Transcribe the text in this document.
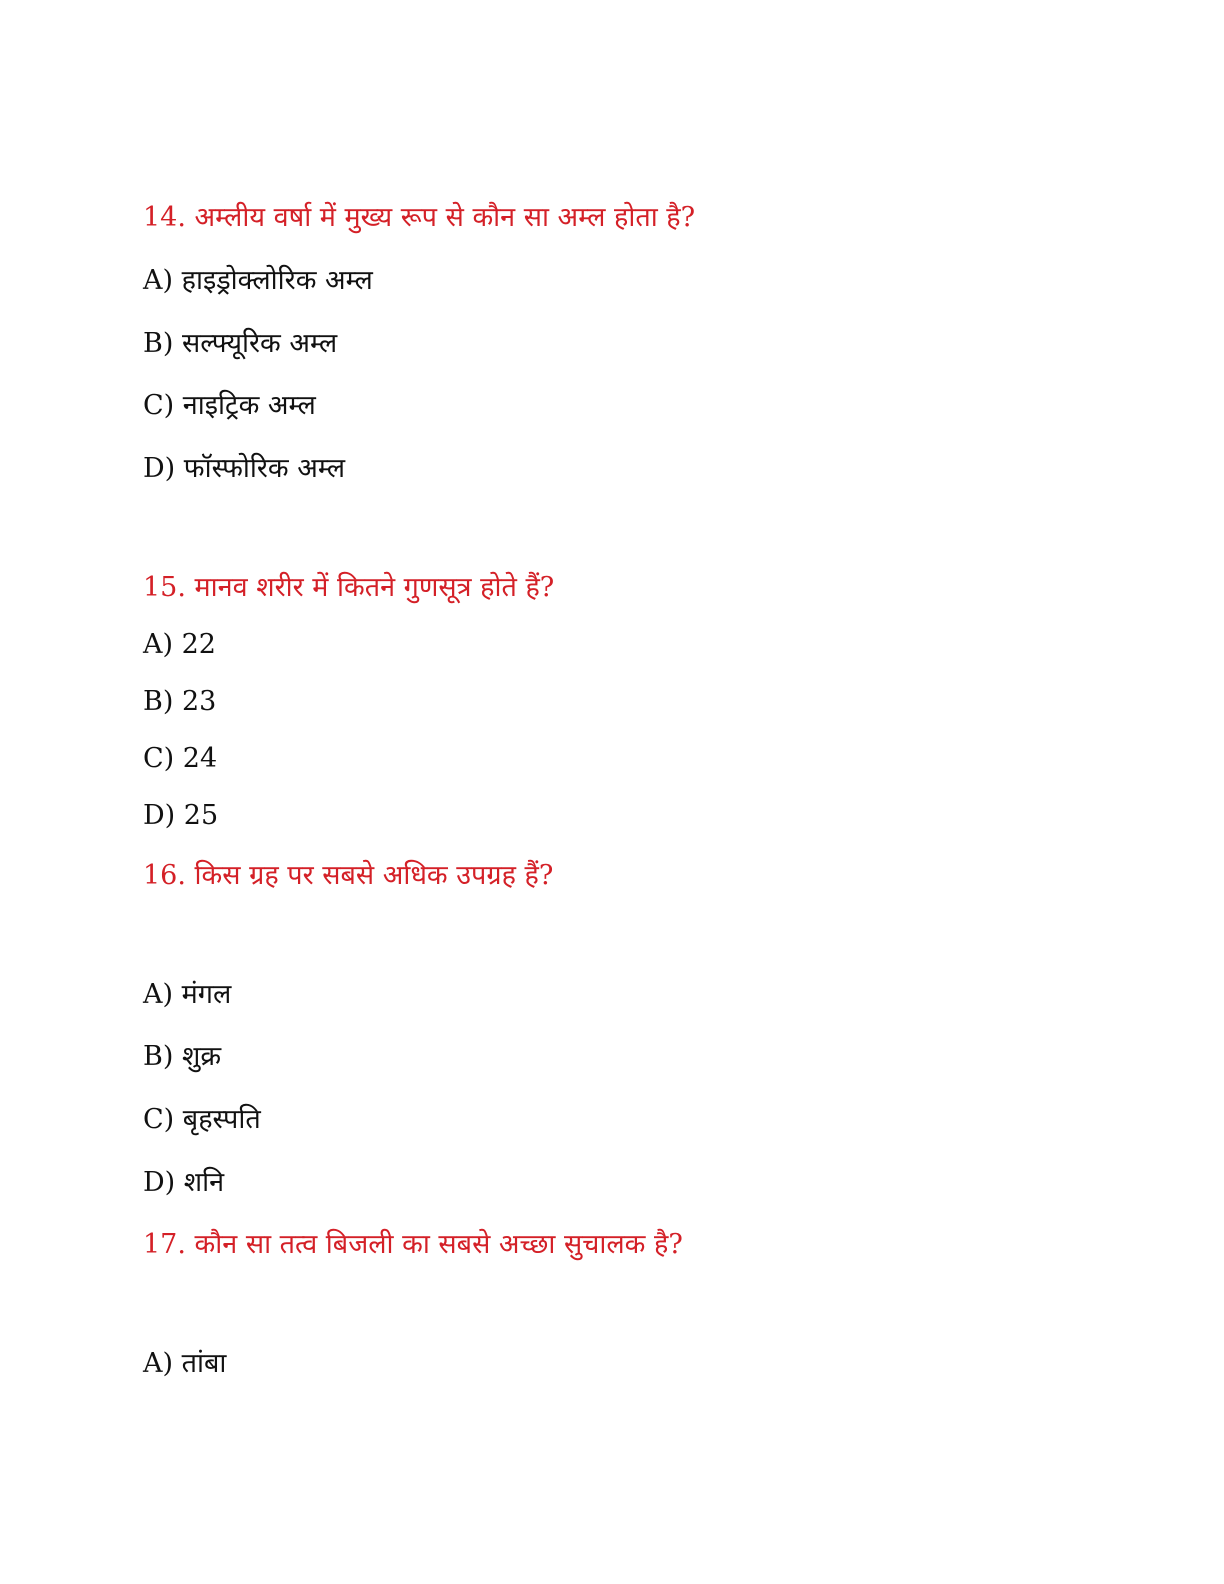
14. अम्लीय वर्षा में मुख्य रूप से कौन सा अम्ल होता है?
A) हाइड्रोक्लोरिक अम्ल
B) सल्फ्यूरिक अम्ल
C) नाइट्रिक अम्ल
D) फॉस्फोरिक अम्ल
15. मानव शरीर में कितने गुणसूत्र होते हैं?
A) 22
B) 23
C) 24
D) 25
16. किस ग्रह पर सबसे अधिक उपग्रह हैं?
A) मंगल
B) शुक्र
C) बृहस्पति
D) शनि
17. कौन सा तत्व बिजली का सबसे अच्छा सुचालक है?
A) तांबा
